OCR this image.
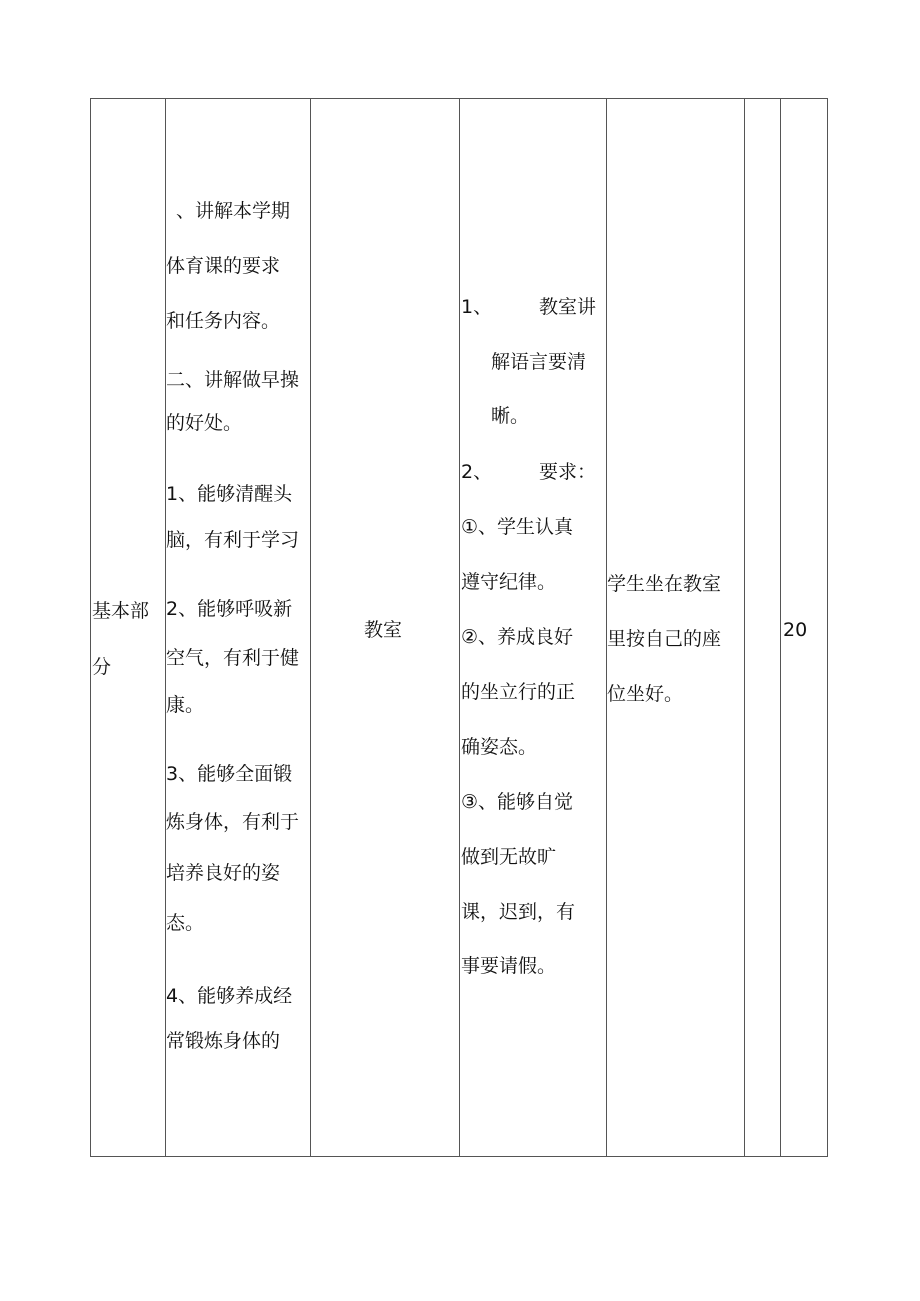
基本部
分
、讲解本学期
体育课的要求
和任务内容。
二、讲解做早操
的好处。
1、能够清醒头
脑，有利于学习
2、能够呼吸新
空气，有利于健
康。
3、能够全面锻
炼身体，有利于
培养良好的姿
态。
4、能够养成经
常锻炼身体的
教室
1、 教室讲
解语言要清
晰。
2、 要求：
①、学生认真
遵守纪律。
②、养成良好
的坐立行的正
确姿态。
③、能够自觉
做到无故旷
课，迟到，有
事要请假。
学生坐在教室
里按自己的座
位坐好。
20
